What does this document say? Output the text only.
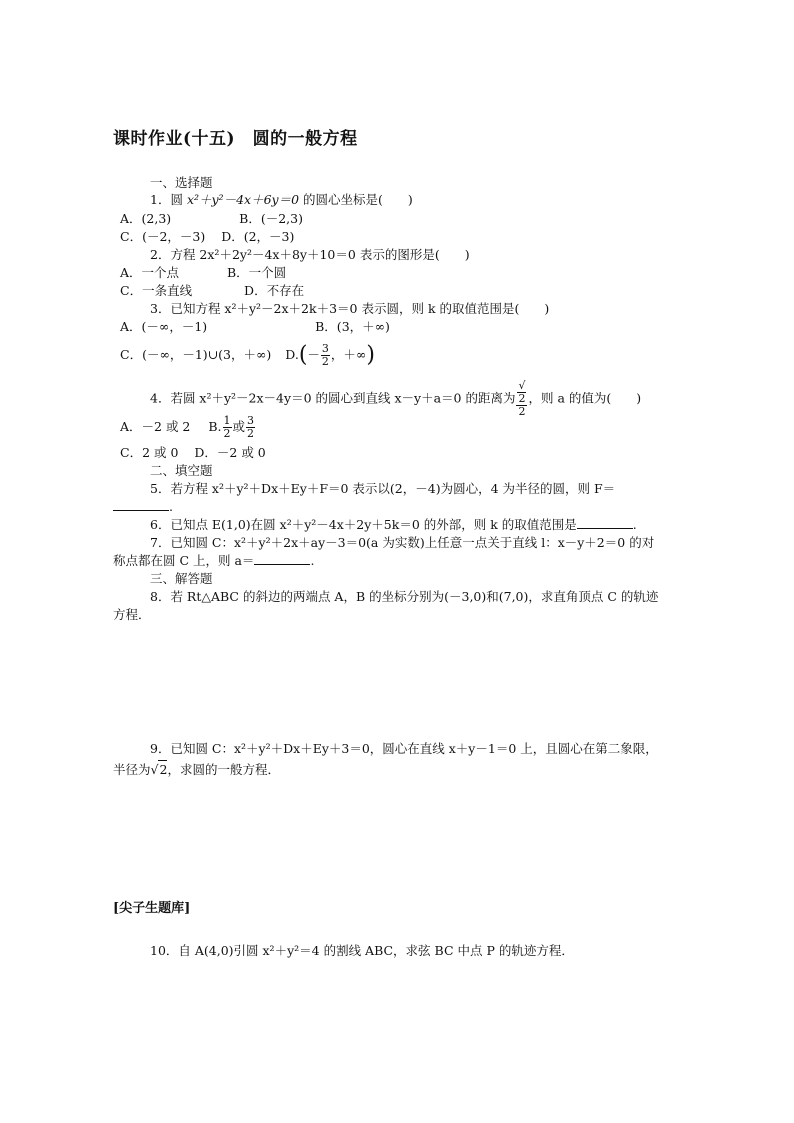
课时作业(十五)　圆的一般方程
一、选择题
1．圆 x²＋y²－4x＋6y＝0 的圆心坐标是(　　)
A．(2,3)	B．(－2,3)
C．(－2，－3) D．(2，－3)
2．方程 2x²＋2y²－4x＋8y＋10＝0 表示的图形是(　　)
A．一个点	B．一个圆
C．一条直线	D．不存在
3．已知方程 x²＋y²－2x＋2k＋3＝0 表示圆，则 k 的取值范围是(　　)
A．(－∞，－1)	B．(3，＋∞)
C．(－∞，－1)∪(3，＋∞) $D.(- \frac{3}{2}$ ，＋∞)
4．若圆 x²＋y²－2x－4y＝0 的圆心到直线 x－y＋a＝0 的距离为 √
2
2 ，则 a 的值为(　　)
A．－2 或 2 B. $\frac{1}{2}$ 或 $\frac{3}{2}$
C．2 或 0 D．－2 或 0
二、填空题
5．若方程 x²＋y²＋Dx＋Ey＋F＝0 表示以(2，－4)为圆心，4 为半径的圆，则 F＝
.
6．已知点 E(1,0)在圆 x²＋y²－4x＋2y＋5k＝0 的外部，则 k 的取值范围是	.
7．已知圆 C：x²＋y²＋2x＋ay－3＝0(a 为实数)上任意一点关于直线 l：x－y＋2＝0 的对
称点都在圆 C 上，则 a＝	.
三、解答题
8．若 Rt△ABC 的斜边的两端点 A，B 的坐标分别为(－3,0)和(7,0)，求直角顶点 C 的轨迹
方程．
9．已知圆 C：x²＋y²＋Dx＋Ey＋3＝0，圆心在直线 x＋y－1＝0 上，且圆心在第二象限，
半径为√2，求圆的一般方程．
[尖子生题库]
10．自 A(4,0)引圆 x²＋y²＝4 的割线 ABC，求弦 BC 中点 P 的轨迹方程．
